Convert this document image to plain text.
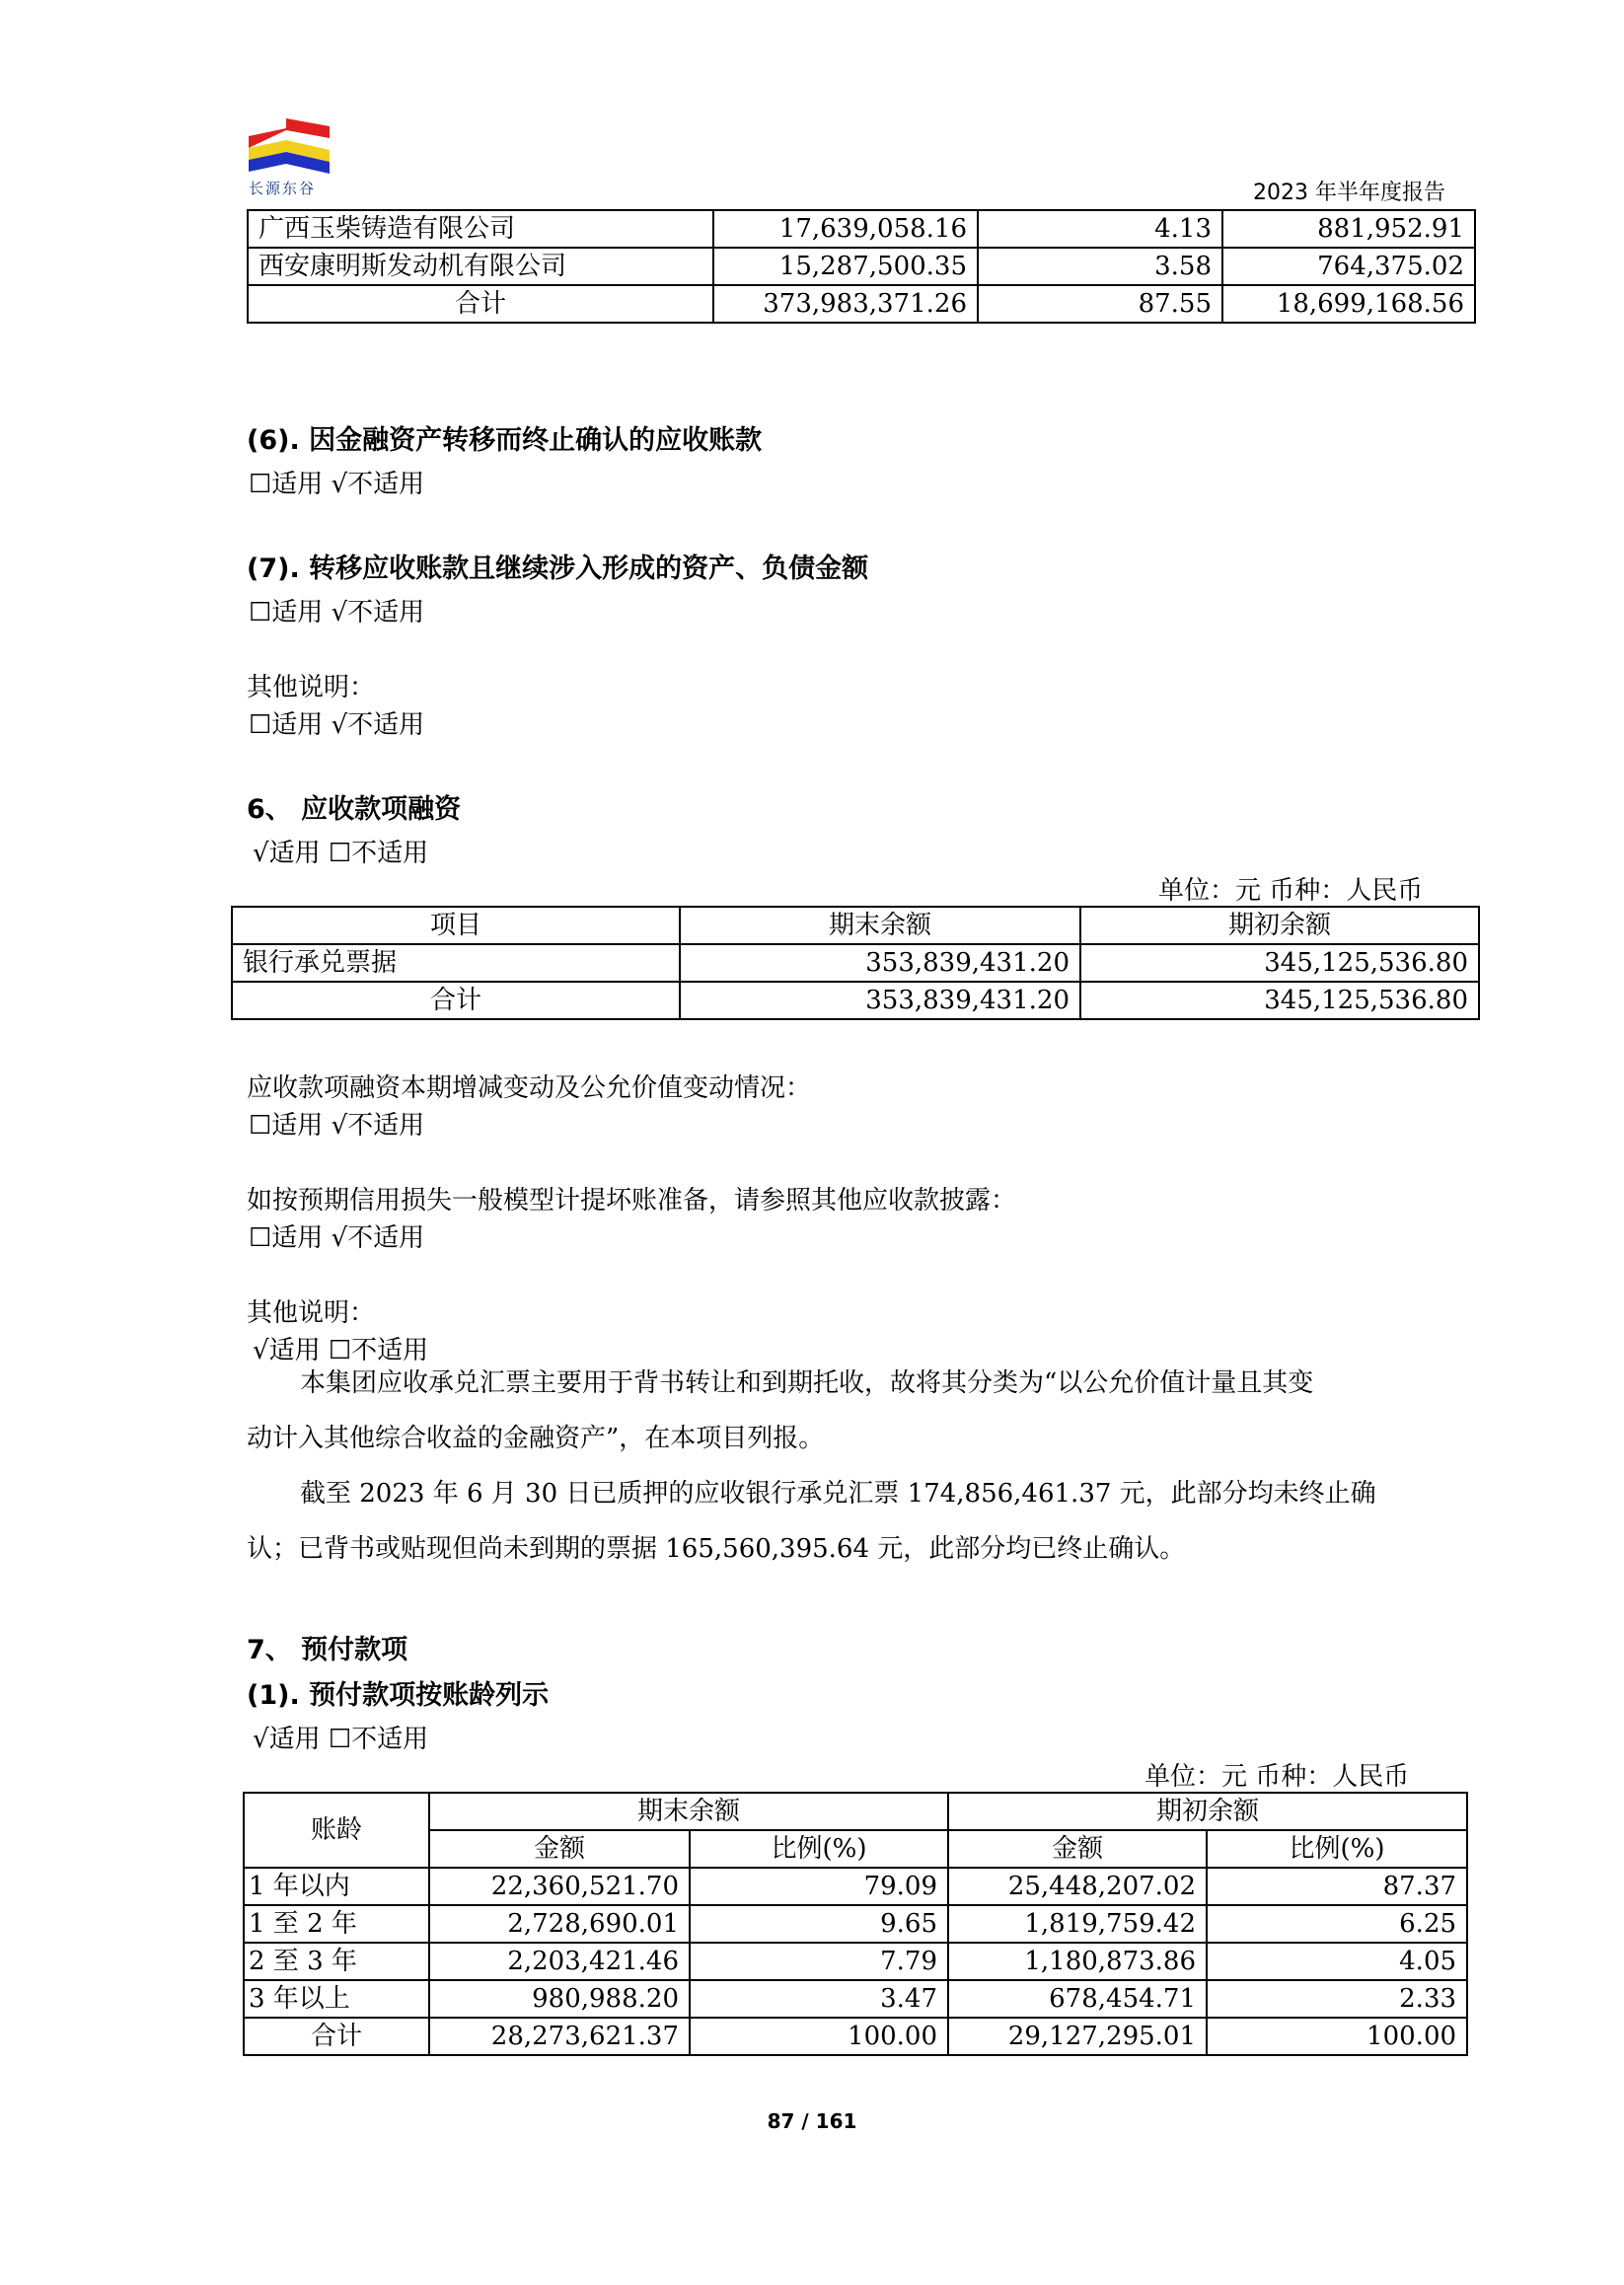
长源东谷	2023 年半年度报告
广西玉柴铸造有限公司	17,639,058.16	4.13	881,952.91
西安康明斯发动机有限公司	15,287,500.35	3.58	764,375.02
合计	373,983,371.26	87.55	18,699,168.56
(6). 因金融资产转移而终止确认的应收账款
☐适用 √不适用
(7). 转移应收账款且继续涉入形成的资产、负债金额
☐适用 √不适用
其他说明：
☐适用 √不适用
6、 应收款项融资
√适用 ☐不适用
单位：元 币种：人民币
项目	期末余额	期初余额
银行承兑票据	353,839,431.20	345,125,536.80
合计	353,839,431.20	345,125,536.80
应收款项融资本期增减变动及公允价值变动情况：
☐适用 √不适用
如按预期信用损失一般模型计提坏账准备，请参照其他应收款披露：
☐适用 √不适用
其他说明：
√适用 ☐不适用
本集团应收承兑汇票主要用于背书转让和到期托收，故将其分类为“以公允价值计量且其变
动计入其他综合收益的金融资产”，在本项目列报。
截至 2023 年 6 月 30 日已质押的应收银行承兑汇票 174,856,461.37 元，此部分均未终止确
认；已背书或贴现但尚未到期的票据 165,560,395.64 元，此部分均已终止确认。
7、 预付款项
(1). 预付款项按账龄列示
√适用 ☐不适用
单位：元 币种：人民币
账龄	期末余额		期初余额	
	金额	比例(%)	金额	比例(%)
1 年以内	22,360,521.70	79.09	25,448,207.02	87.37
1 至 2 年	2,728,690.01	9.65	1,819,759.42	6.25
2 至 3 年	2,203,421.46	7.79	1,180,873.86	4.05
3 年以上	980,988.20	3.47	678,454.71	2.33
合计	28,273,621.37	100.00	29,127,295.01	100.00
87 / 161
